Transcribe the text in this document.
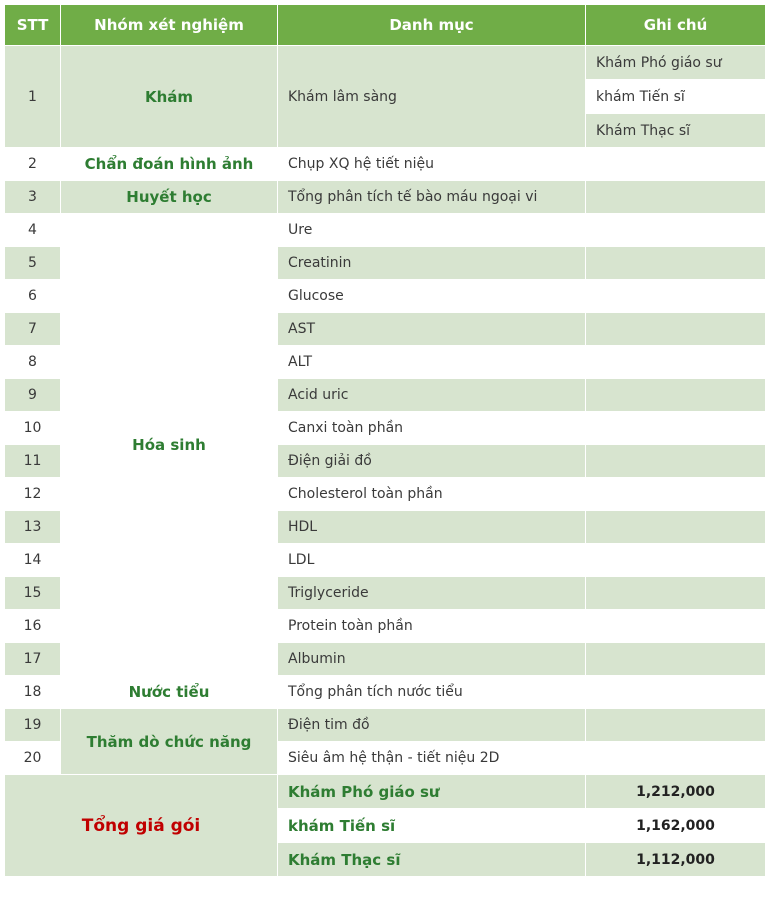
STT	Nhóm xét nghiệm	Danh mục	Ghi chú
1	Khám	Khám lâm sàng	Khám Phó giáo sư
			khám Tiến sĩ
			Khám Thạc sĩ
2	Chẩn đoán hình ảnh	Chụp XQ hệ tiết niệu	
3	Huyết học	Tổng phân tích tế bào máu ngoại vi	
4	Hóa sinh	Ure	
5		Creatinin	
6		Glucose	
7		AST	
8		ALT	
9		Acid uric	
10		Canxi toàn phần	
11		Điện giải đồ	
12		Cholesterol toàn phần	
13		HDL	
14		LDL	
15		Triglyceride	
16		Protein toàn phần	
17		Albumin	
18	Nước tiểu	Tổng phân tích nước tiểu	
19	Thăm dò chức năng	Điện tim đồ	
20		Siêu âm hệ thận - tiết niệu 2D	
Tổng giá gói		Khám Phó giáo sư	1,212,000
		khám Tiến sĩ	1,162,000
		Khám Thạc sĩ	1,112,000
